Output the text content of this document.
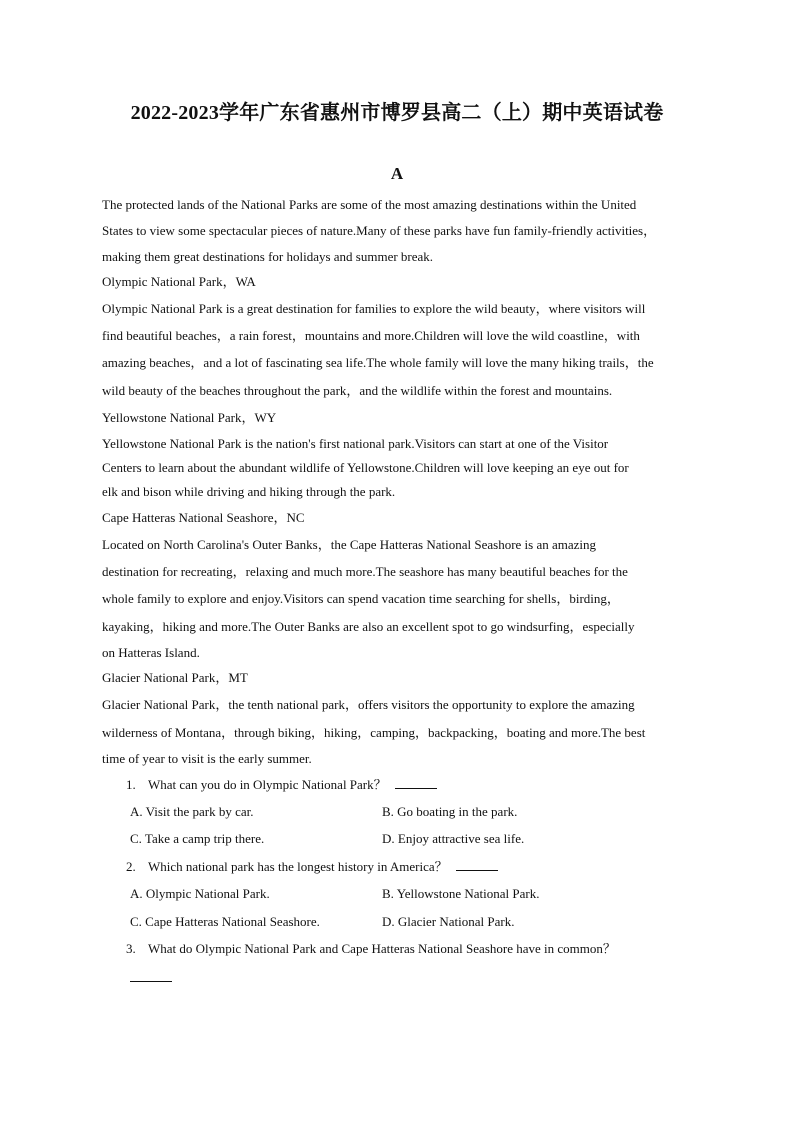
2022-2023学年广东省惠州市博罗县高二（上）期中英语试卷
A
The protected lands of the National Parks are some of the most amazing destinations within the United
States to view some spectacular pieces of nature.Many of these parks have fun family-friendly activities，
making them great destinations for holidays and summer break.
Olympic National Park，WA
Olympic National Park is a great destination for families to explore the wild beauty，where visitors will
find beautiful beaches，a rain forest，mountains and more.Children will love the wild coastline，with
amazing beaches，and a lot of fascinating sea life.The whole family will love the many hiking trails，the
wild beauty of the beaches throughout the park，and the wildlife within the forest and mountains.
Yellowstone National Park，WY
Yellowstone National Park is the nation's first national park.Visitors can start at one of the Visitor
Centers to learn about the abundant wildlife of Yellowstone.Children will love keeping an eye out for
elk and bison while driving and hiking through the park.
Cape Hatteras National Seashore，NC
Located on North Carolina's Outer Banks，the Cape Hatteras National Seashore is an amazing
destination for recreating，relaxing and much more.The seashore has many beautiful beaches for the
whole family to explore and enjoy.Visitors can spend vacation time searching for shells，birding，
kayaking，hiking and more.The Outer Banks are also an excellent spot to go windsurfing，especially
on Hatteras Island.
Glacier National Park，MT
Glacier National Park，the tenth national park，offers visitors the opportunity to explore the amazing
wilderness of Montana，through biking，hiking，camping，backpacking，boating and more.The best
time of year to visit is the early summer.
1. What can you do in Olympic National Park？
A. Visit the park by car.	B. Go boating in the park.
C. Take a camp trip there.	D. Enjoy attractive sea life.
2. Which national park has the longest history in America？
A. Olympic National Park.	B. Yellowstone National Park.
C. Cape Hatteras National Seashore.	D. Glacier National Park.
3. What do Olympic National Park and Cape Hatteras National Seashore have in common？
